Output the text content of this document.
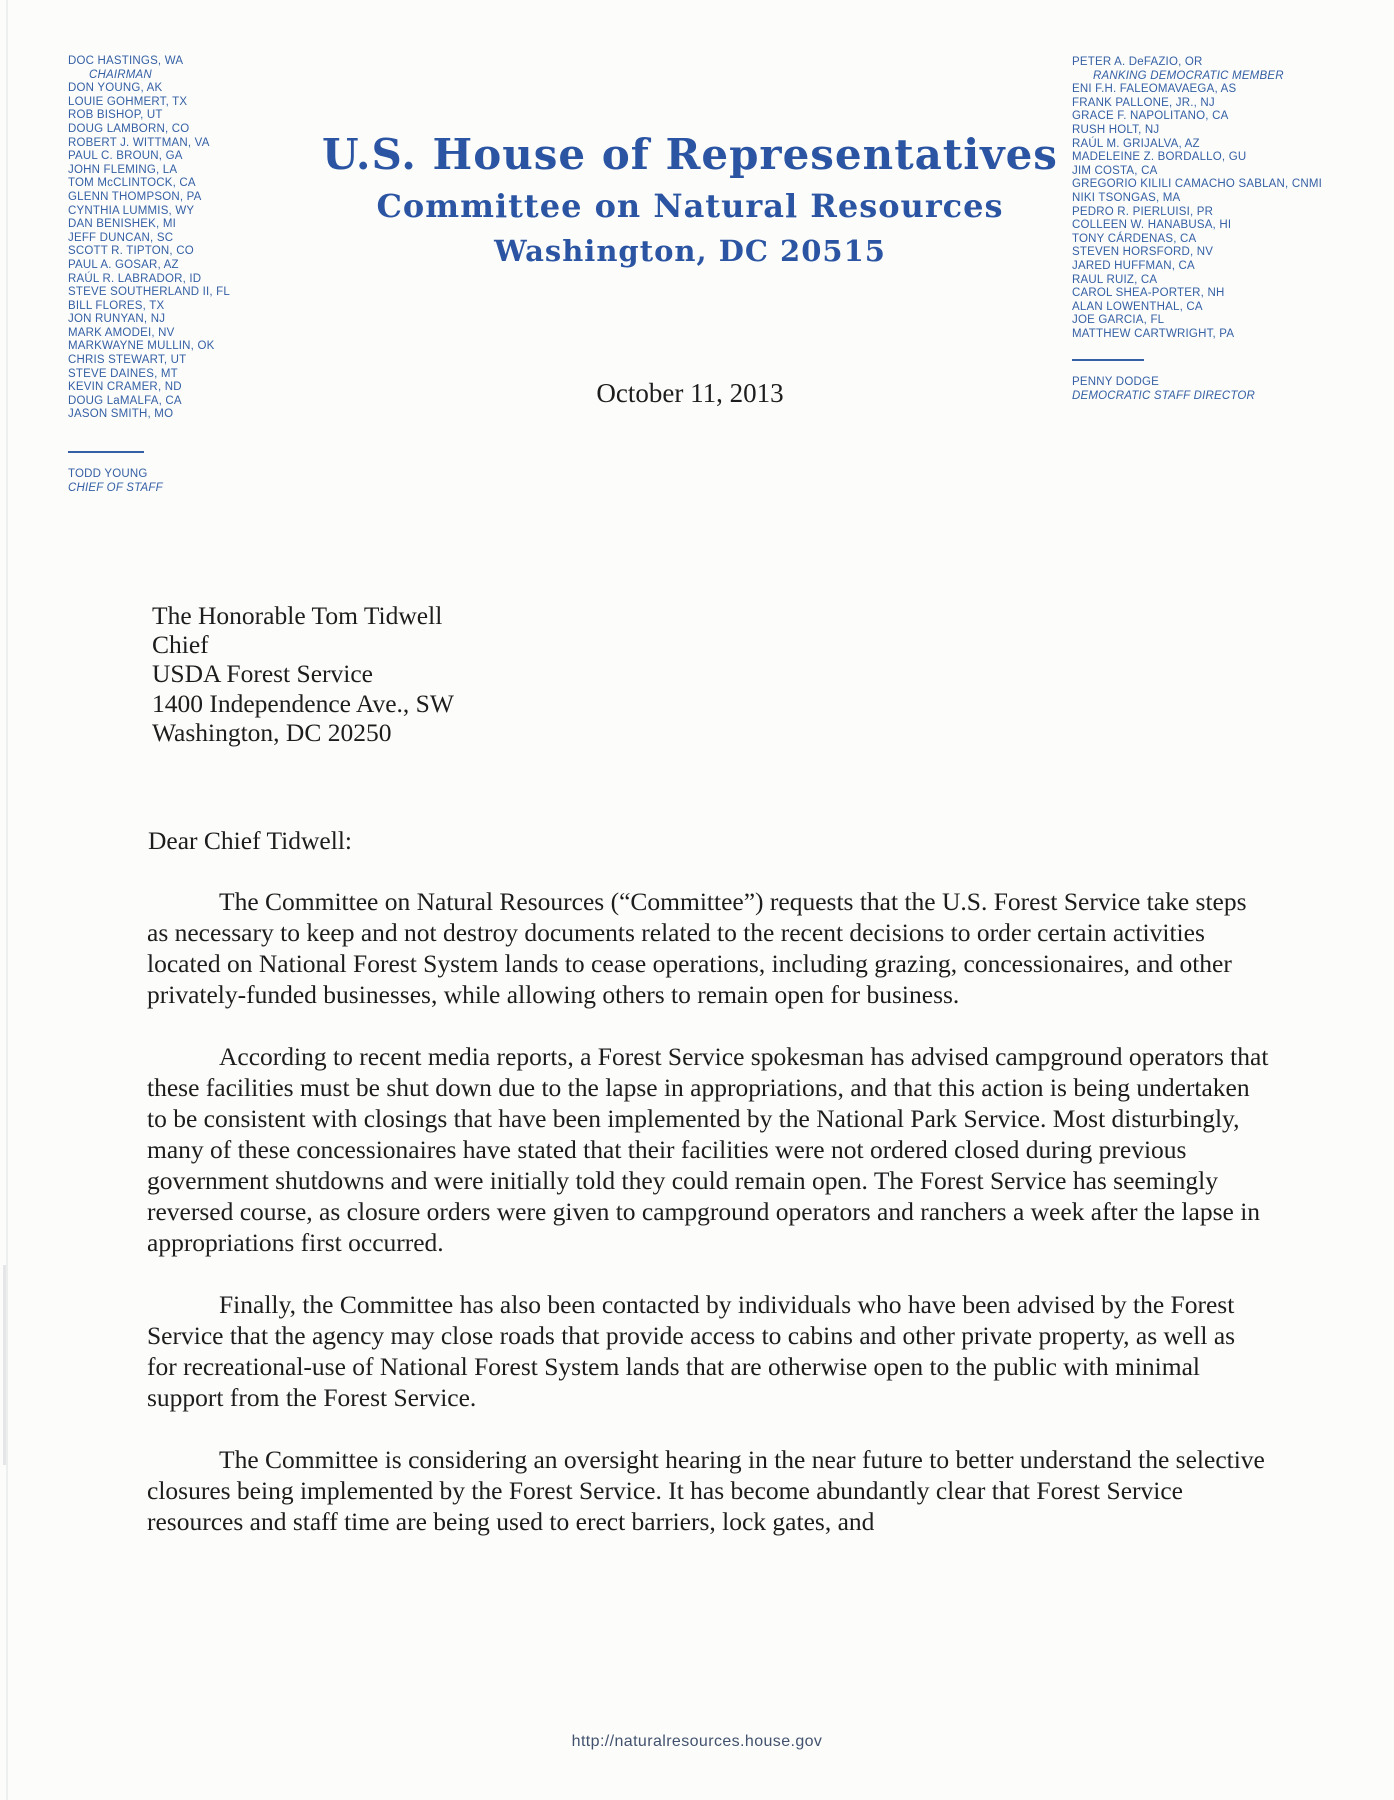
DOC HASTINGS, WA
CHAIRMAN
DON YOUNG, AK
LOUIE GOHMERT, TX
ROB BISHOP, UT
DOUG LAMBORN, CO
ROBERT J. WITTMAN, VA
PAUL C. BROUN, GA
JOHN FLEMING, LA
TOM McCLINTOCK, CA
GLENN THOMPSON, PA
CYNTHIA LUMMIS, WY
DAN BENISHEK, MI
JEFF DUNCAN, SC
SCOTT R. TIPTON, CO
PAUL A. GOSAR, AZ
RAÚL R. LABRADOR, ID
STEVE SOUTHERLAND II, FL
BILL FLORES, TX
JON RUNYAN, NJ
MARK AMODEI, NV
MARKWAYNE MULLIN, OK
CHRIS STEWART, UT
STEVE DAINES, MT
KEVIN CRAMER, ND
DOUG LaMALFA, CA
JASON SMITH, MO
TODD YOUNG
CHIEF OF STAFF
PETER A. DeFAZIO, OR
RANKING DEMOCRATIC MEMBER
ENI F.H. FALEOMAVAEGA, AS
FRANK PALLONE, JR., NJ
GRACE F. NAPOLITANO, CA
RUSH HOLT, NJ
RAÚL M. GRIJALVA, AZ
MADELEINE Z. BORDALLO, GU
JIM COSTA, CA
GREGORIO KILILI CAMACHO SABLAN, CNMI
NIKI TSONGAS, MA
PEDRO R. PIERLUISI, PR
COLLEEN W. HANABUSA, HI
TONY CÁRDENAS, CA
STEVEN HORSFORD, NV
JARED HUFFMAN, CA
RAUL RUIZ, CA
CAROL SHEA-PORTER, NH
ALAN LOWENTHAL, CA
JOE GARCIA, FL
MATTHEW CARTWRIGHT, PA
PENNY DODGE
DEMOCRATIC STAFF DIRECTOR
U.S. House of Representatives
Committee on Natural Resources
Washington, DC 20515
October 11, 2013
The Honorable Tom Tidwell
Chief
USDA Forest Service
1400 Independence Ave., SW
Washington, DC 20250
Dear Chief Tidwell:

The Committee on Natural Resources (“Committee”) requests that the U.S. Forest Service take steps as necessary to keep and not destroy documents related to the recent decisions to order certain activities located on National Forest System lands to cease operations, including grazing, concessionaires, and other privately-funded businesses, while allowing others to remain open for business.

According to recent media reports, a Forest Service spokesman has advised campground operators that these facilities must be shut down due to the lapse in appropriations, and that this action is being undertaken to be consistent with closings that have been implemented by the National Park Service. Most disturbingly, many of these concessionaires have stated that their facilities were not ordered closed during previous government shutdowns and were initially told they could remain open. The Forest Service has seemingly reversed course, as closure orders were given to campground operators and ranchers a week after the lapse in appropriations first occurred.

Finally, the Committee has also been contacted by individuals who have been advised by the Forest Service that the agency may close roads that provide access to cabins and other private property, as well as for recreational-use of National Forest System lands that are otherwise open to the public with minimal support from the Forest Service.

The Committee is considering an oversight hearing in the near future to better understand the selective closures being implemented by the Forest Service. It has become abundantly clear that Forest Service resources and staff time are being used to erect barriers, lock gates, and

http://naturalresources.house.gov
